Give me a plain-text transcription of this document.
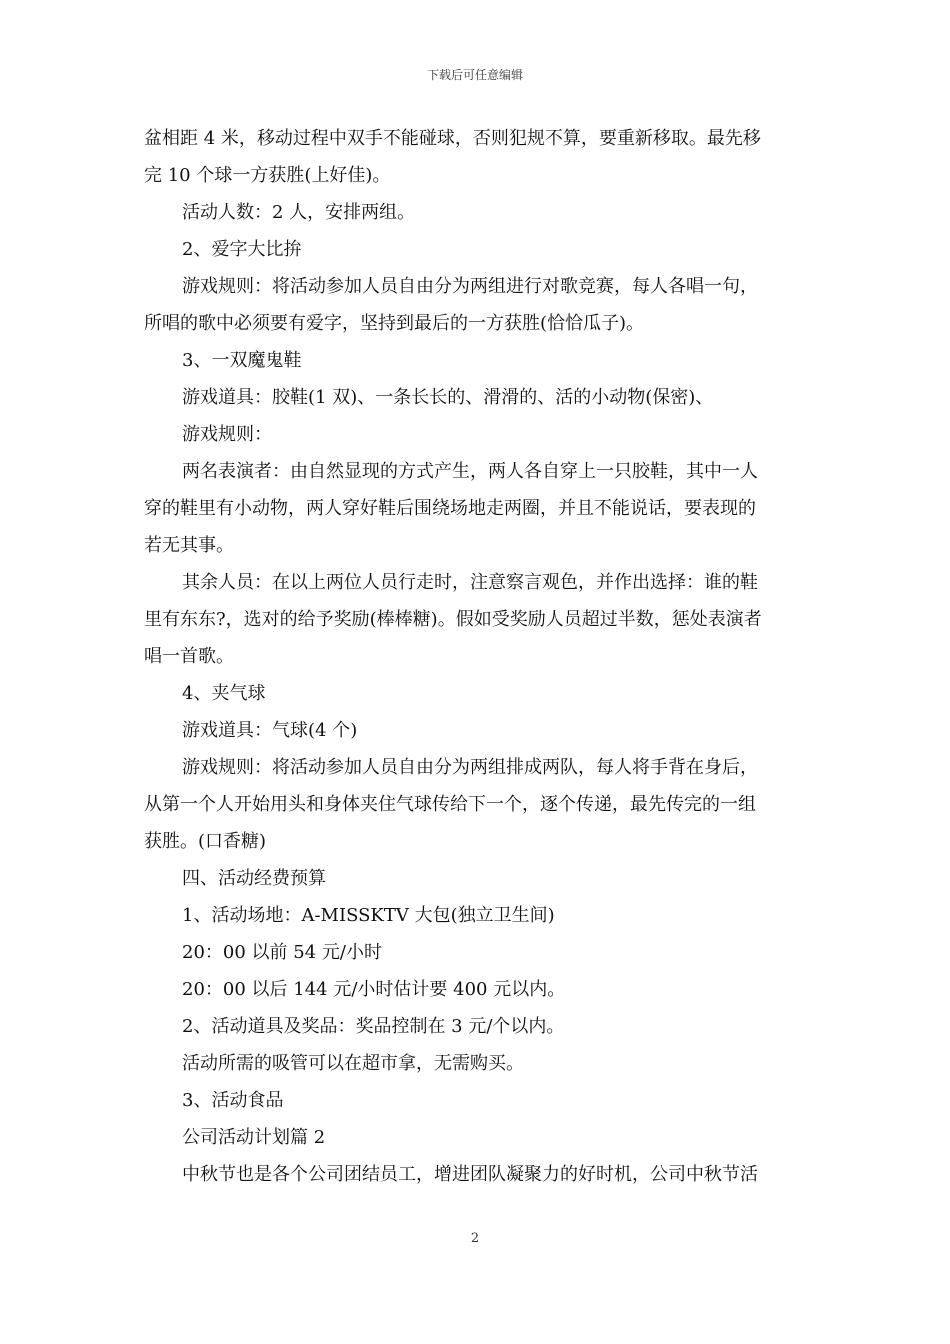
下载后可任意编辑

盆相距 4 米，移动过程中双手不能碰球，否则犯规不算，要重新移取。最先移

完 10 个球一方获胜(上好佳)。

活动人数：2 人，安排两组。

2、爱字大比拚

游戏规则：将活动参加人员自由分为两组进行对歌竞赛，每人各唱一句，

所唱的歌中必须要有爱字，坚持到最后的一方获胜(恰恰瓜子)。

3、一双魔鬼鞋

游戏道具：胶鞋(1 双)、一条长长的、滑滑的、活的小动物(保密)、

游戏规则：

两名表演者：由自然显现的方式产生，两人各自穿上一只胶鞋，其中一人

穿的鞋里有小动物，两人穿好鞋后围绕场地走两圈，并且不能说话，要表现的

若无其事。

其余人员：在以上两位人员行走时，注意察言观色，并作出选择：谁的鞋

里有东东?，选对的给予奖励(棒棒糖)。假如受奖励人员超过半数，惩处表演者

唱一首歌。

4、夹气球

游戏道具：气球(4 个)

游戏规则：将活动参加人员自由分为两组排成两队，每人将手背在身后，

从第一个人开始用头和身体夹住气球传给下一个，逐个传递，最先传完的一组

获胜。(口香糖)

四、活动经费预算

1、活动场地：A-MISSKTV 大包(独立卫生间)

20：00 以前 54 元/小时

20：00 以后 144 元/小时估计要 400 元以内。

2、活动道具及奖品：奖品控制在 3 元/个以内。

活动所需的吸管可以在超市拿，无需购买。

3、活动食品

公司活动计划篇 2

中秋节也是各个公司团结员工，增进团队凝聚力的好时机，公司中秋节活

2
